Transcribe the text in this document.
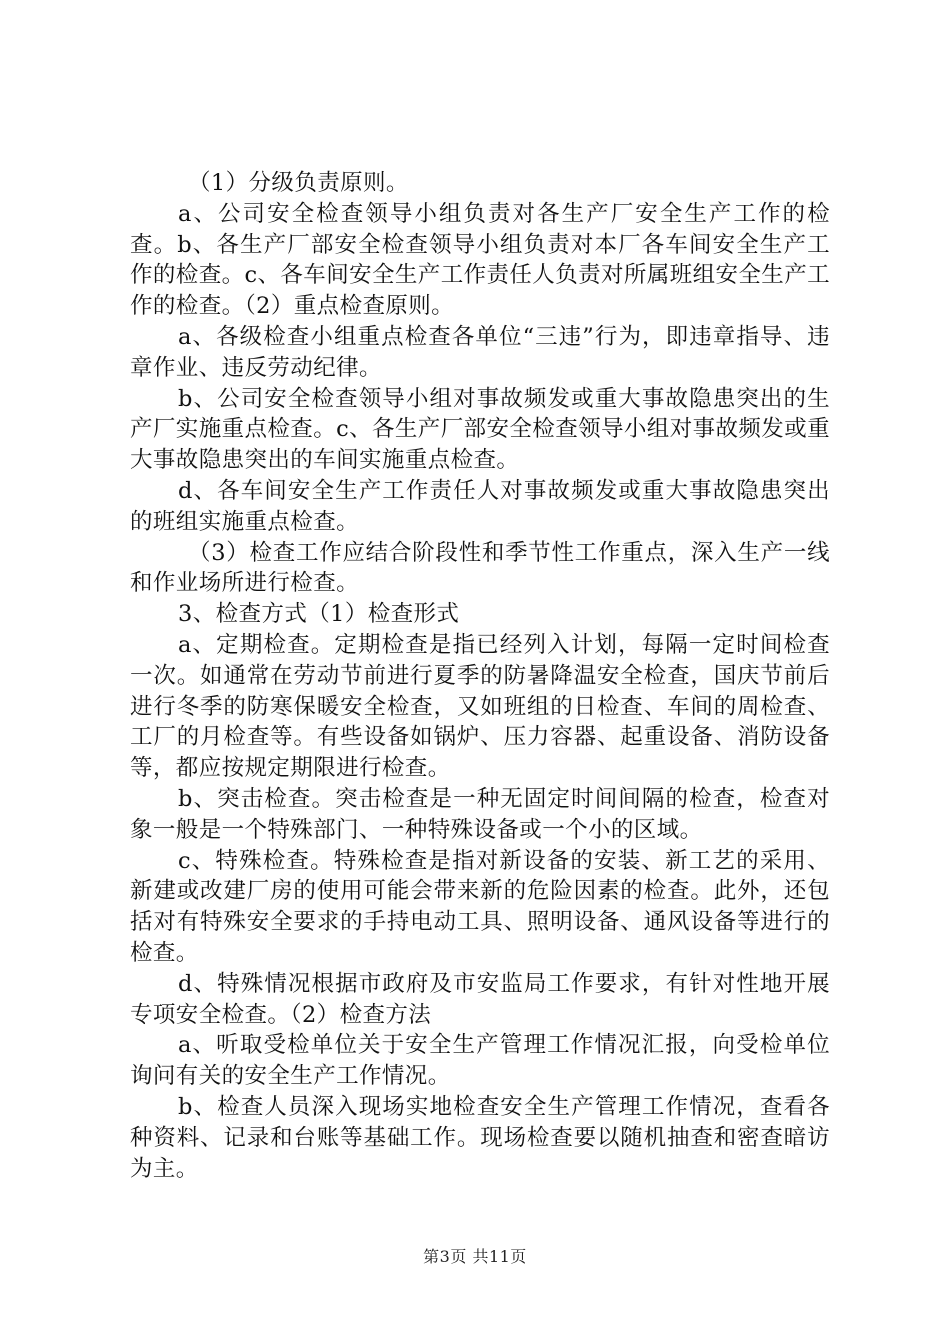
（1）分级负责原则。

a、公司安全检查领导小组负责对各生产厂安全生产工作的检查。b、各生产厂部安全检查领导小组负责对本厂各车间安全生产工作的检查。c、各车间安全生产工作责任人负责对所属班组安全生产工作的检查。（2）重点检查原则。

a、各级检查小组重点检查各单位“三违”行为，即违章指导、违章作业、违反劳动纪律。

b、公司安全检查领导小组对事故频发或重大事故隐患突出的生产厂实施重点检查。c、各生产厂部安全检查领导小组对事故频发或重大事故隐患突出的车间实施重点检查。

d、各车间安全生产工作责任人对事故频发或重大事故隐患突出的班组实施重点检查。

（3）检查工作应结合阶段性和季节性工作重点，深入生产一线和作业场所进行检查。

3、检查方式（1）检查形式

a、定期检查。定期检查是指已经列入计划，每隔一定时间检查一次。如通常在劳动节前进行夏季的防暑降温安全检查，国庆节前后进行冬季的防寒保暖安全检查，又如班组的日检查、车间的周检查、工厂的月检查等。有些设备如锅炉、压力容器、起重设备、消防设备等，都应按规定期限进行检查。

b、突击检查。突击检查是一种无固定时间间隔的检查，检查对象一般是一个特殊部门、一种特殊设备或一个小的区域。

c、特殊检查。特殊检查是指对新设备的安装、新工艺的采用、新建或改建厂房的使用可能会带来新的危险因素的检查。此外，还包括对有特殊安全要求的手持电动工具、照明设备、通风设备等进行的检查。

d、特殊情况根据市政府及市安监局工作要求，有针对性地开展专项安全检查。（2）检查方法

a、听取受检单位关于安全生产管理工作情况汇报，向受检单位询问有关的安全生产工作情况。

b、检查人员深入现场实地检查安全生产管理工作情况，查看各种资料、记录和台账等基础工作。现场检查要以随机抽查和密查暗访为主。

第3页 共11页
